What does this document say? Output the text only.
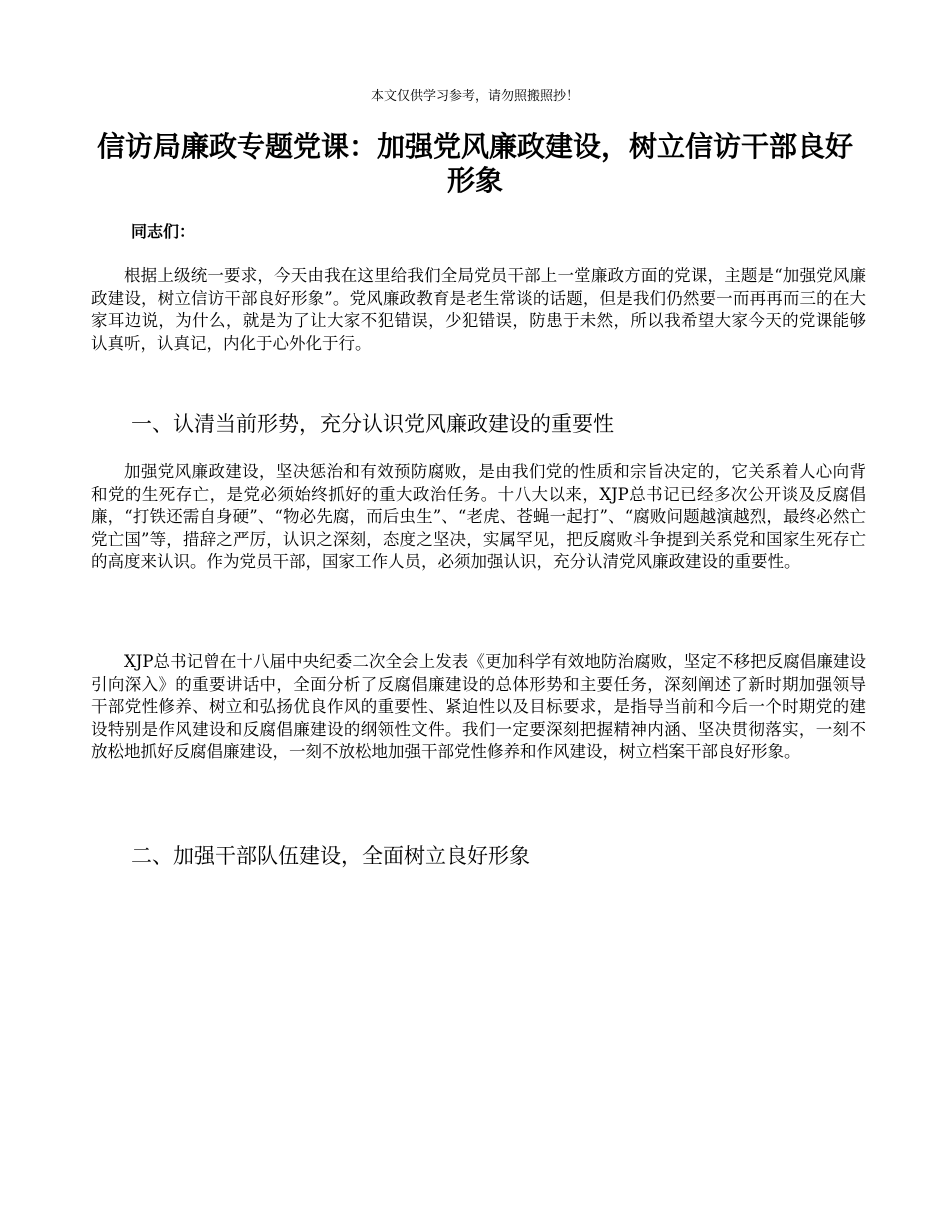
本文仅供学习参考，请勿照搬照抄！
信访局廉政专题党课：加强党风廉政建设，树立信访干部良好形象
同志们：

根据上级统一要求，今天由我在这里给我们全局党员干部上一堂廉政方面的党课，主题是“加强党风廉政建设，树立信访干部良好形象”。党风廉政教育是老生常谈的话题，但是我们仍然要一而再再而三的在大家耳边说，为什么，就是为了让大家不犯错误，少犯错误，防患于未然，所以我希望大家今天的党课能够认真听，认真记，内化于心外化于行。

一、认清当前形势，充分认识党风廉政建设的重要性

加强党风廉政建设，坚决惩治和有效预防腐败，是由我们党的性质和宗旨决定的，它关系着人心向背和党的生死存亡，是党必须始终抓好的重大政治任务。十八大以来，XJP总书记已经多次公开谈及反腐倡廉，“打铁还需自身硬”、“物必先腐，而后虫生”、“老虎、苍蝇一起打”、“腐败问题越演越烈，最终必然亡党亡国”等，措辞之严厉，认识之深刻，态度之坚决，实属罕见，把反腐败斗争提到关系党和国家生死存亡的高度来认识。作为党员干部，国家工作人员，必须加强认识，充分认清党风廉政建设的重要性。

XJP总书记曾在十八届中央纪委二次全会上发表《更加科学有效地防治腐败，坚定不移把反腐倡廉建设引向深入》的重要讲话中，全面分析了反腐倡廉建设的总体形势和主要任务，深刻阐述了新时期加强领导干部党性修养、树立和弘扬优良作风的重要性、紧迫性以及目标要求，是指导当前和今后一个时期党的建设特别是作风建设和反腐倡廉建设的纲领性文件。我们一定要深刻把握精神内涵、坚决贯彻落实，一刻不放松地抓好反腐倡廉建设，一刻不放松地加强干部党性修养和作风建设，树立档案干部良好形象。

二、加强干部队伍建设，全面树立良好形象
